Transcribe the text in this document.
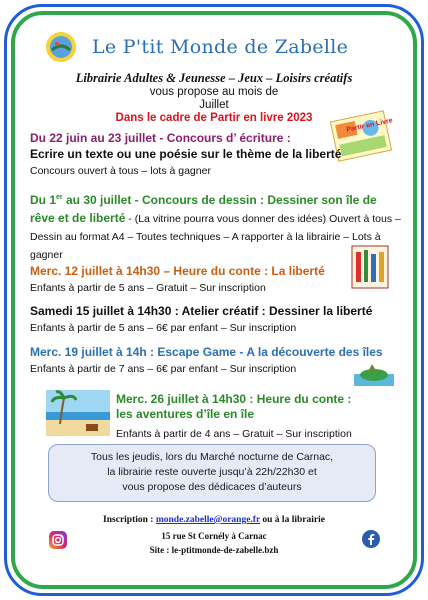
Le P'tit Monde de Zabelle
Librairie Adultes & Jeunesse – Jeux – Loisirs créatifs
vous propose au mois de
Juillet
Dans le cadre de Partir en livre 2023	Partir en Livre
Du 22 juin au 23 juillet - Concours d’ écriture :
Ecrire un texte ou une poésie sur le thème de la liberté
Concours ouvert à tous – lots à gagner
Du 1er au 30 juillet - Concours de dessin : Dessiner son île de rêve et de liberté - (La vitrine pourra vous donner des idées) Ouvert à tous – Dessin au format A4 – Toutes techniques – A rapporter à la librairie – Lots à gagner
Merc. 12 juillet à 14h30 – Heure du conte : La liberté
Enfants à partir de 5 ans – Gratuit – Sur inscription
Samedi 15 juillet à 14h30 : Atelier créatif : Dessiner la liberté
Enfants à partir de 5 ans – 6€ par enfant – Sur inscription
Merc. 19 juillet à 14h : Escape Game - A la découverte des îles
Enfants à partir de 7 ans – 6€ par enfant – Sur inscription
Merc. 26 juillet à 14h30 : Heure du conte :
les aventures d’île en île
Enfants à partir de 4 ans – Gratuit – Sur inscription
Tous les jeudis, lors du Marché nocturne de Carnac,
la librairie reste ouverte jusqu’à 22h/22h30 et
vous propose des dédicaces d’auteurs
Inscription : monde.zabelle@orange.fr ou à la librairie
15 rue St Cornély à Carnac
Site : le-ptitmonde-de-zabelle.bzh
